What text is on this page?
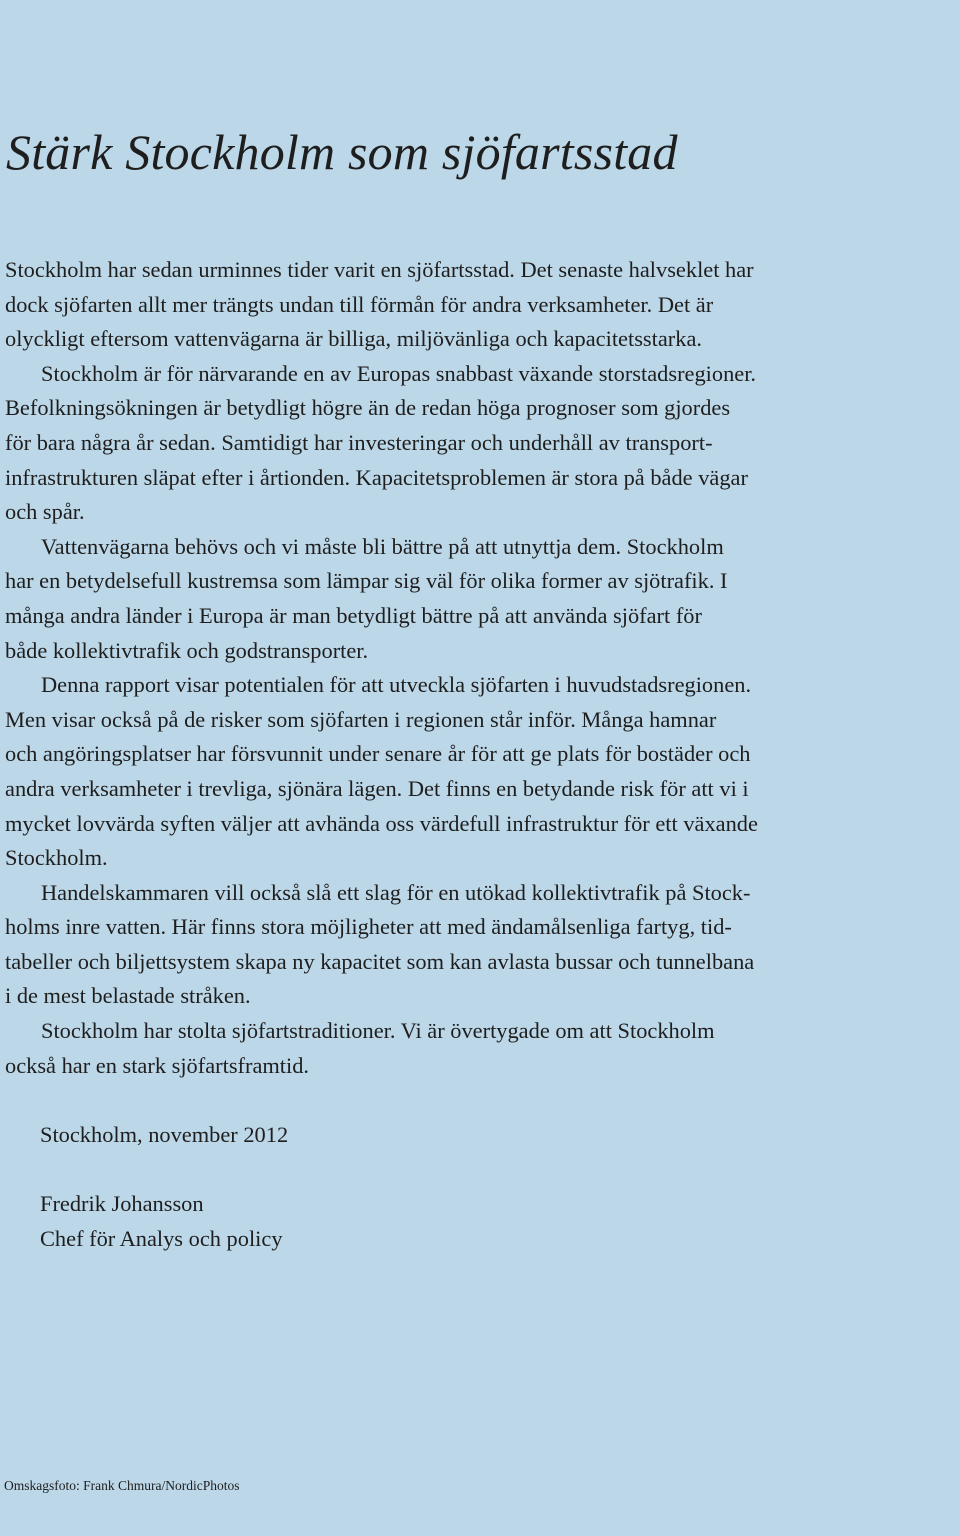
Stärk Stockholm som sjöfartsstad
Stockholm har sedan urminnes tider varit en sjöfartsstad. Det senaste halvseklet har
dock sjöfarten allt mer trängts undan till förmån för andra verksamheter. Det är
olyckligt eftersom vattenvägarna är billiga, miljövänliga och kapacitetsstarka.
Stockholm är för närvarande en av Europas snabbast växande storstadsregioner.
Befolkningsökningen är betydligt högre än de redan höga prognoser som gjordes
för bara några år sedan. Samtidigt har investeringar och underhåll av transport-
infrastrukturen släpat efter i årtionden. Kapacitetsproblemen är stora på både vägar
och spår.
Vattenvägarna behövs och vi måste bli bättre på att utnyttja dem. Stockholm
har en betydelsefull kustremsa som lämpar sig väl för olika former av sjötrafik. I
många andra länder i Europa är man betydligt bättre på att använda sjöfart för
både kollektivtrafik och godstransporter.
Denna rapport visar potentialen för att utveckla sjöfarten i huvudstadsregionen.
Men visar också på de risker som sjöfarten i regionen står inför. Många hamnar
och angöringsplatser har försvunnit under senare år för att ge plats för bostäder och
andra verksamheter i trevliga, sjönära lägen. Det finns en betydande risk för att vi i
mycket lovvärda syften väljer att avhända oss värdefull infrastruktur för ett växande
Stockholm.
Handelskammaren vill också slå ett slag för en utökad kollektivtrafik på Stock-
holms inre vatten. Här finns stora möjligheter att med ändamålsenliga fartyg, tid-
tabeller och biljettsystem skapa ny kapacitet som kan avlasta bussar och tunnelbana
i de mest belastade stråken.
Stockholm har stolta sjöfartstraditioner. Vi är övertygade om att Stockholm
också har en stark sjöfartsframtid.
Stockholm, november 2012
Fredrik Johansson
Chef för Analys och policy
Omskagsfoto: Frank Chmura/NordicPhotos
